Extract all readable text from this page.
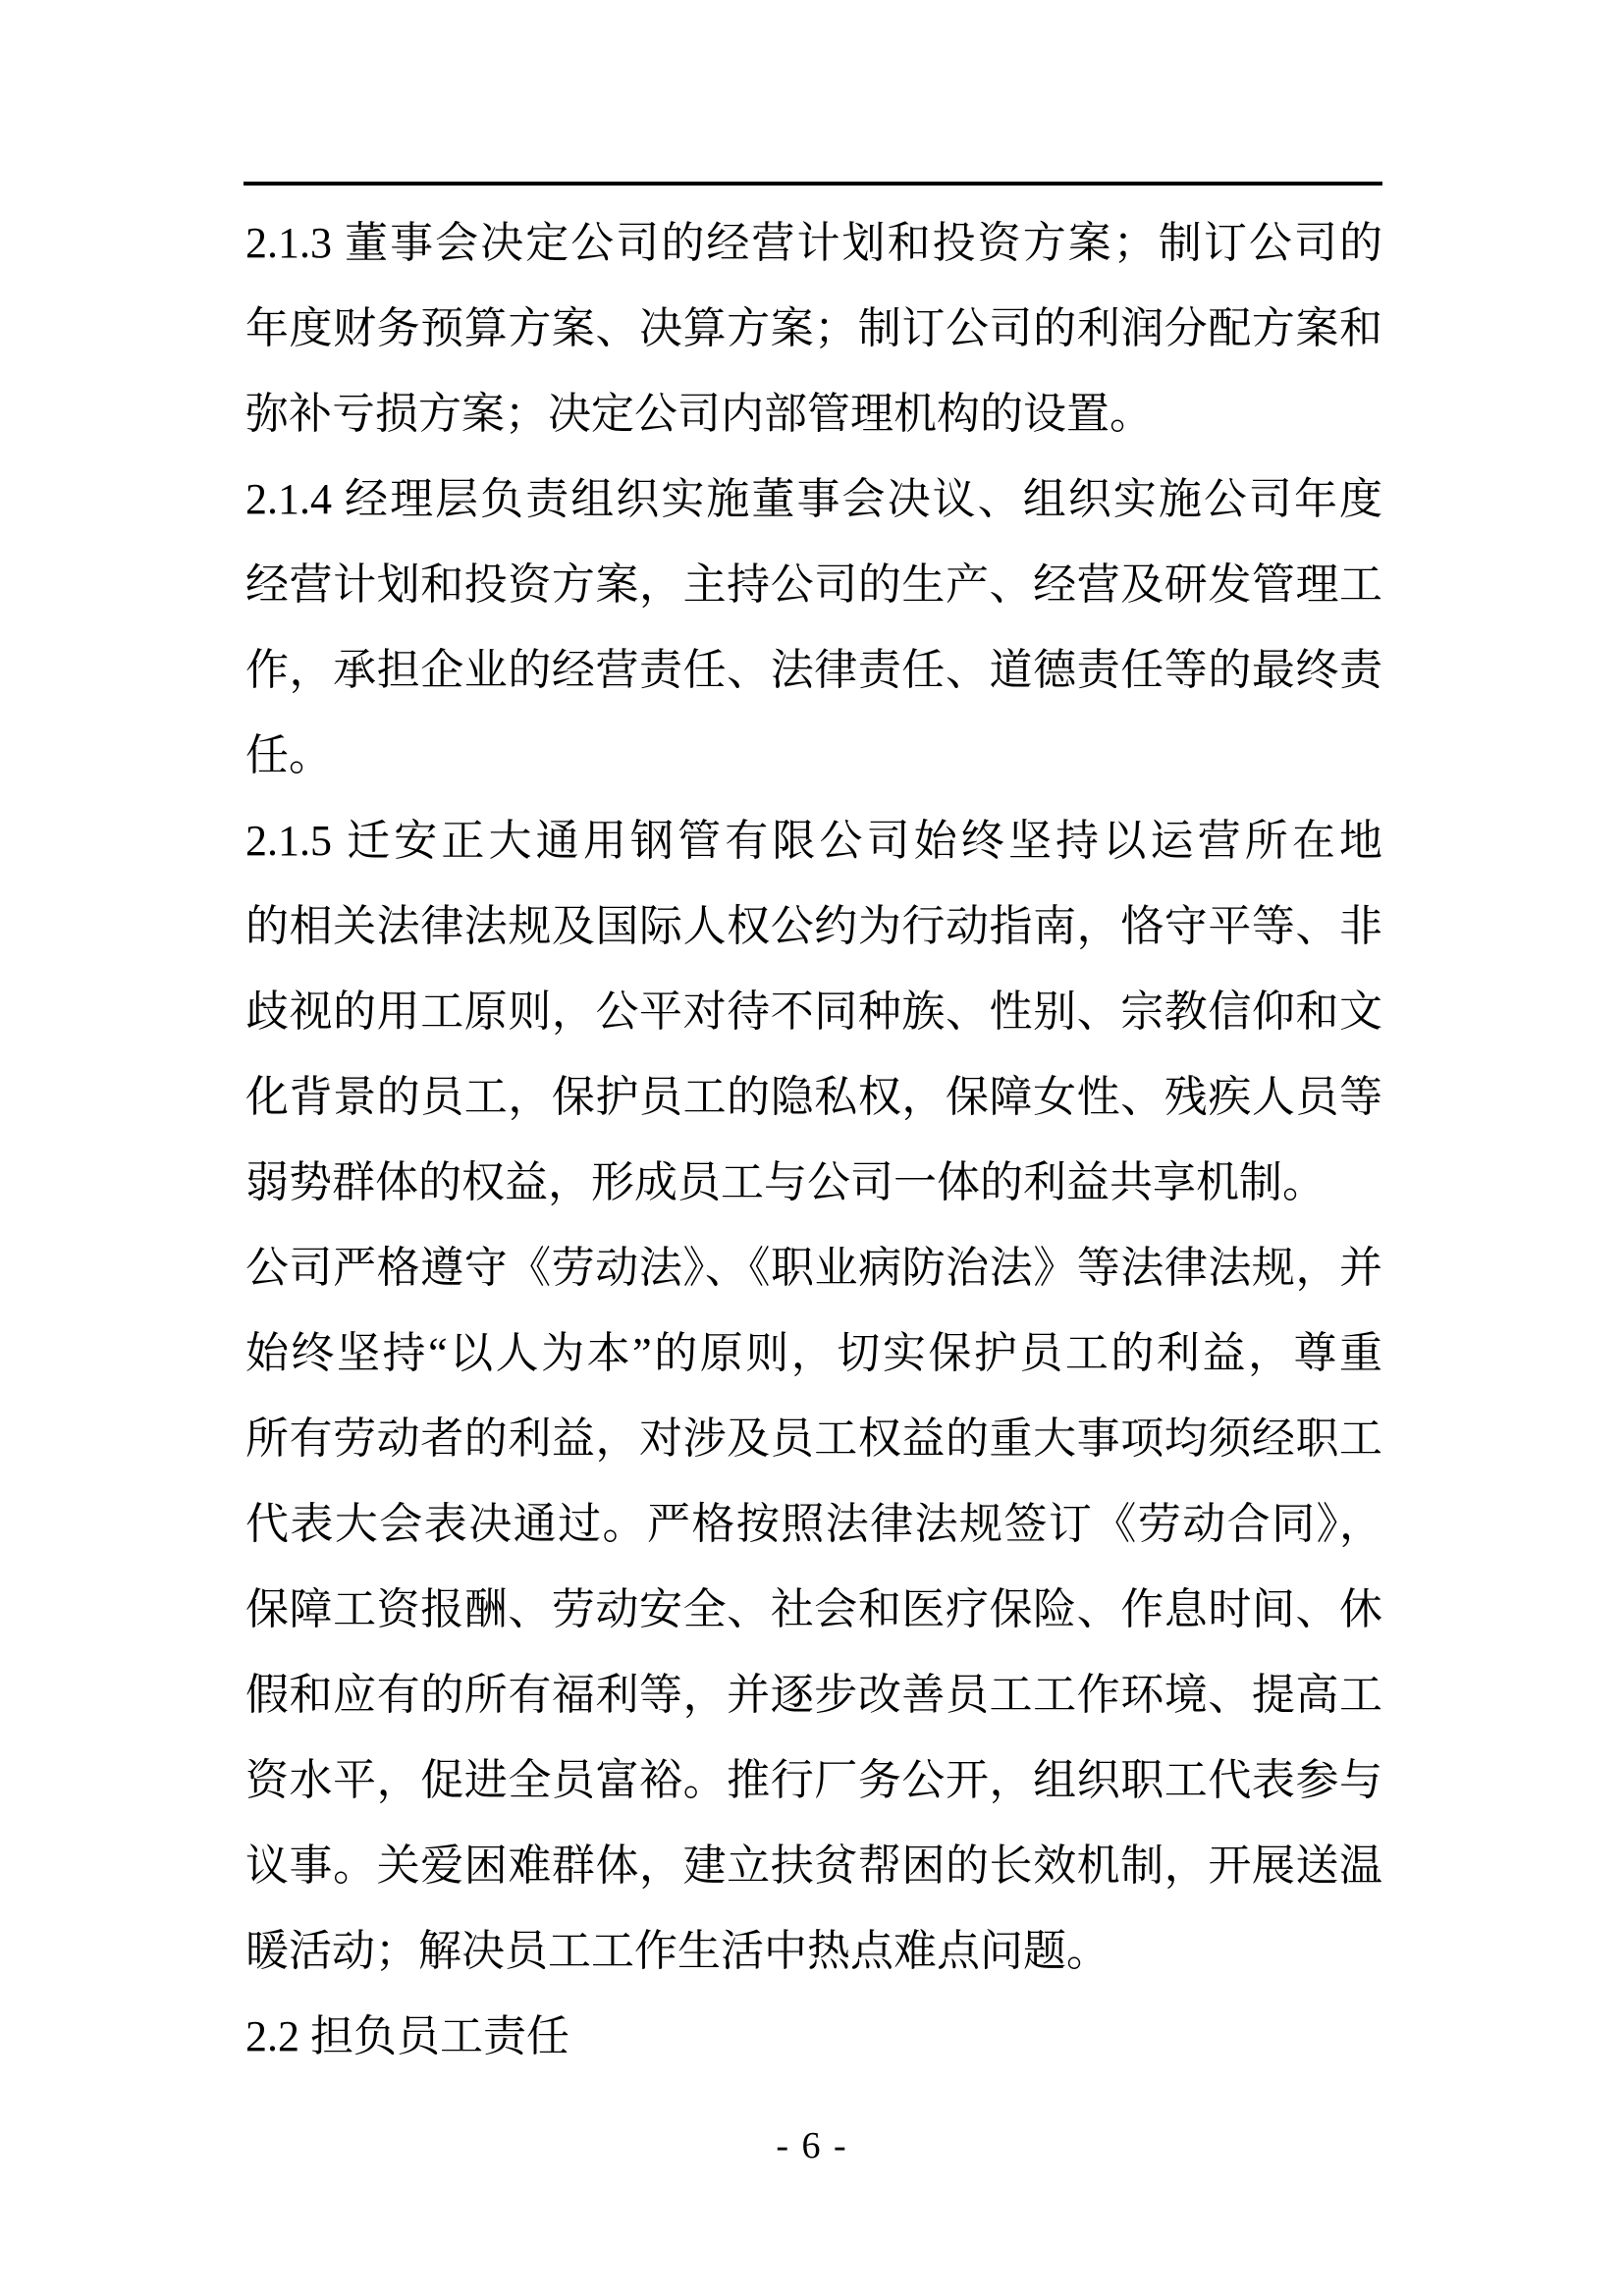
2.1.3 董事会决定公司的经营计划和投资方案；制订公司的
年度财务预算方案、决算方案；制订公司的利润分配方案和
弥补亏损方案；决定公司内部管理机构的设置。
2.1.4 经理层负责组织实施董事会决议、组织实施公司年度
经营计划和投资方案，主持公司的生产、经营及研发管理工
作，承担企业的经营责任、法律责任、道德责任等的最终责
任。
2.1.5 迁安正大通用钢管有限公司始终坚持以运营所在地
的相关法律法规及国际人权公约为行动指南，恪守平等、非
歧视的用工原则，公平对待不同种族、性别、宗教信仰和文
化背景的员工，保护员工的隐私权，保障女性、残疾人员等
弱势群体的权益，形成员工与公司一体的利益共享机制。
公司严格遵守《劳动法》、《职业病防治法》等法律法规，并
始终坚持“以人为本”的原则，切实保护员工的利益，尊重
所有劳动者的利益，对涉及员工权益的重大事项均须经职工
代表大会表决通过。严格按照法律法规签订《劳动合同》，
保障工资报酬、劳动安全、社会和医疗保险、作息时间、休
假和应有的所有福利等，并逐步改善员工工作环境、提高工
资水平，促进全员富裕。推行厂务公开，组织职工代表参与
议事。关爱困难群体，建立扶贫帮困的长效机制，开展送温
暖活动；解决员工工作生活中热点难点问题。
2.2 担负员工责任
- 6 -
